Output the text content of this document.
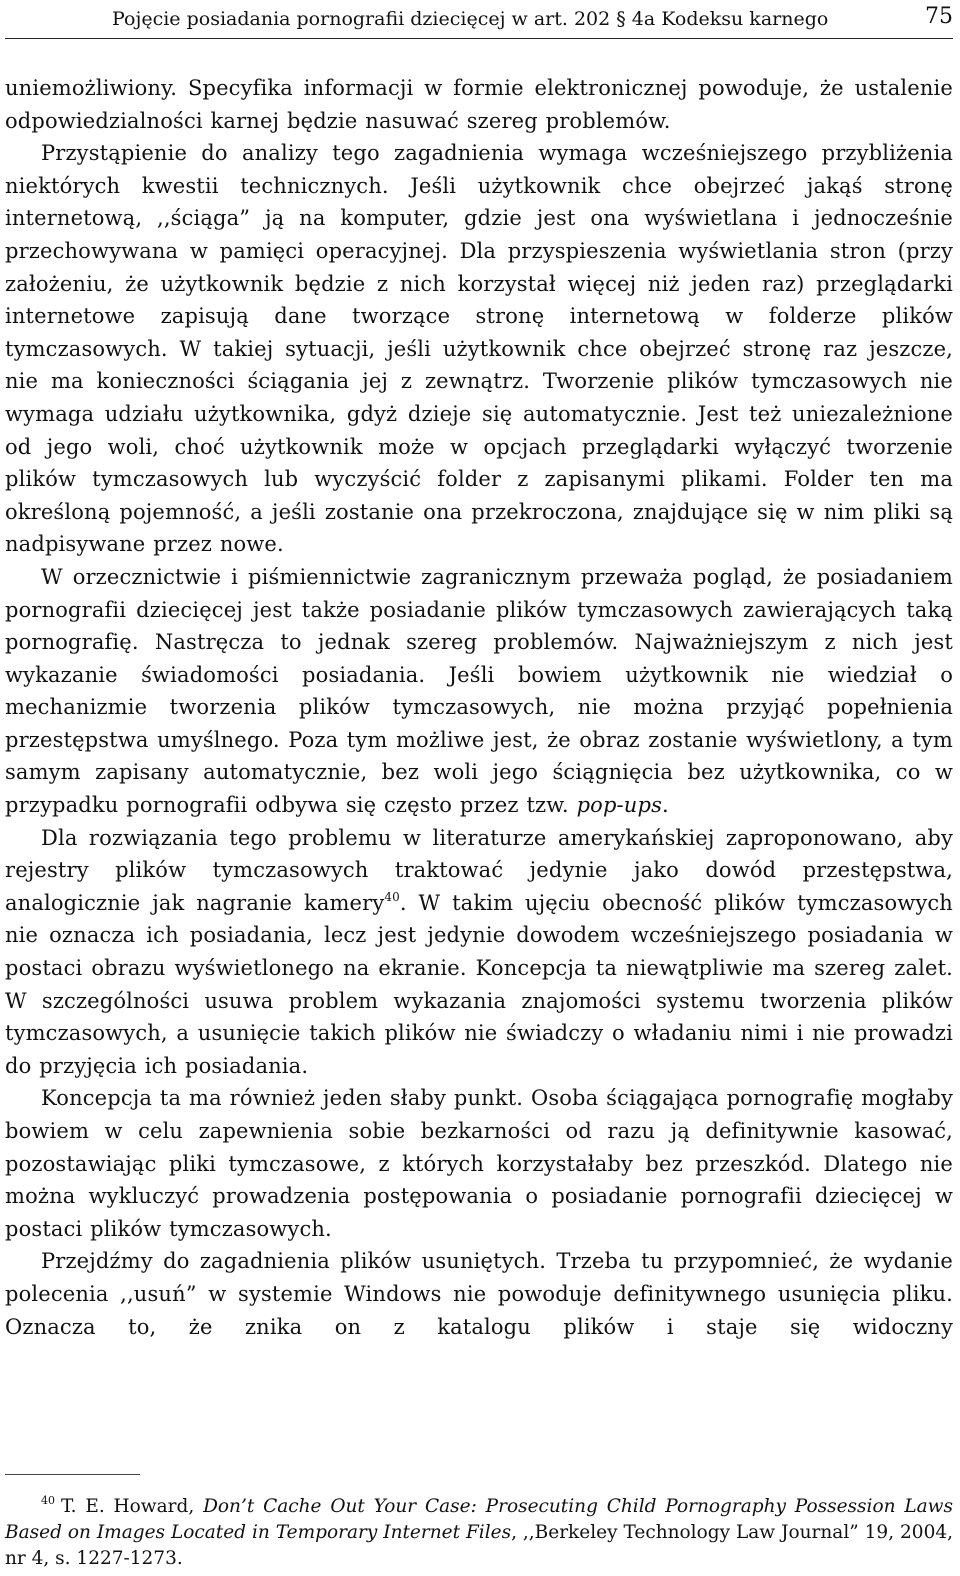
Pojęcie posiadania pornografii dziecięcej w art. 202 § 4a Kodeksu karnego	75

uniemożliwiony. Specyfika informacji w formie elektronicznej powoduje, że ustalenie odpowiedzialności karnej będzie nasuwać szereg problemów.

Przystąpienie do analizy tego zagadnienia wymaga wcześniejszego przybliżenia niektórych kwestii technicznych. Jeśli użytkownik chce obejrzeć jakąś stronę internetową, ,,ściąga” ją na komputer, gdzie jest ona wyświetlana i jednocześnie przechowywana w pamięci operacyjnej. Dla przyspieszenia wyświetlania stron (przy założeniu, że użytkownik będzie z nich korzystał więcej niż jeden raz) przeglądarki internetowe zapisują dane tworzące stronę internetową w folderze plików tymczasowych. W takiej sytuacji, jeśli użytkownik chce obejrzeć stronę raz jeszcze, nie ma konieczności ściągania jej z zewnątrz. Tworzenie plików tymczasowych nie wymaga udziału użytkownika, gdyż dzieje się automatycznie. Jest też uniezależnione od jego woli, choć użytkownik może w opcjach przeglądarki wyłączyć tworzenie plików tymczasowych lub wyczyścić folder z zapisanymi plikami. Folder ten ma określoną pojemność, a jeśli zostanie ona przekroczona, znajdujące się w nim pliki są nadpisywane przez nowe.

W orzecznictwie i piśmiennictwie zagranicznym przeważa pogląd, że posiadaniem pornografii dziecięcej jest także posiadanie plików tymczasowych zawierających taką pornografię. Nastręcza to jednak szereg problemów. Najważniejszym z nich jest wykazanie świadomości posiadania. Jeśli bowiem użytkownik nie wiedział o mechanizmie tworzenia plików tymczasowych, nie można przyjąć popełnienia przestępstwa umyślnego. Poza tym możliwe jest, że obraz zostanie wyświetlony, a tym samym zapisany automatycznie, bez woli jego ściągnięcia bez użytkownika, co w przypadku pornografii odbywa się często przez tzw. pop-ups.

Dla rozwiązania tego problemu w literaturze amerykańskiej zaproponowano, aby rejestry plików tymczasowych traktować jedynie jako dowód przestępstwa, analogicznie jak nagranie kamery$^{40}$. W takim ujęciu obecność plików tymczasowych nie oznacza ich posiadania, lecz jest jedynie dowodem wcześniejszego posiadania w postaci obrazu wyświetlonego na ekranie. Koncepcja ta niewątpliwie ma szereg zalet. W szczególności usuwa problem wykazania znajomości systemu tworzenia plików tymczasowych, a usunięcie takich plików nie świadczy o władaniu nimi i nie prowadzi do przyjęcia ich posiadania.

Koncepcja ta ma również jeden słaby punkt. Osoba ściągająca pornografię mogłaby bowiem w celu zapewnienia sobie bezkarności od razu ją definitywnie kasować, pozostawiając pliki tymczasowe, z których korzystałaby bez przeszkód. Dlatego nie można wykluczyć prowadzenia postępowania o posiadanie pornografii dziecięcej w postaci plików tymczasowych.

Przejdźmy do zagadnienia plików usuniętych. Trzeba tu przypomnieć, że wydanie polecenia ,,usuń” w systemie Windows nie powoduje definitywnego usunięcia pliku. Oznacza to, że znika on z katalogu plików i staje się widoczny

$^{40}$ T. E. Howard, Don’t Cache Out Your Case: Prosecuting Child Pornography Possession Laws Based on Images Located in Temporary Internet Files, ,,Berkeley Technology Law Journal” 19, 2004, nr 4, s. 1227-1273.
